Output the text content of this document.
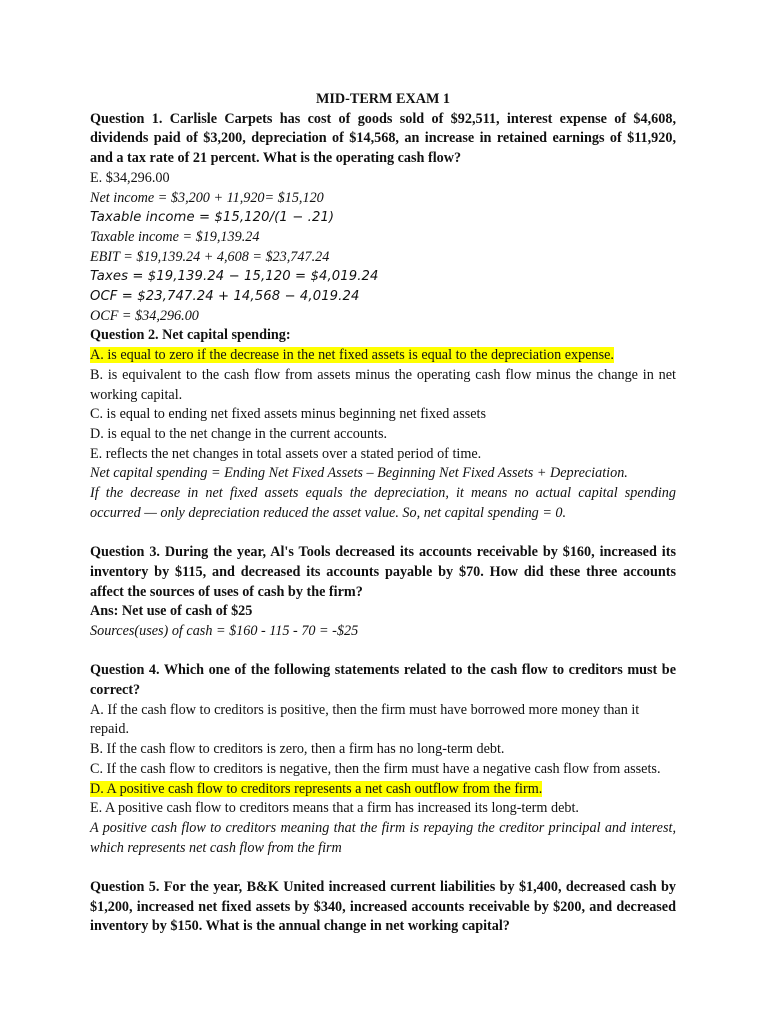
MID-TERM EXAM 1

Question 1. Carlisle Carpets has cost of goods sold of $92,511, interest expense of $4,608, dividends paid of $3,200, depreciation of $14,568, an increase in retained earnings of $11,920, and a tax rate of 21 percent. What is the operating cash flow?

E. $34,296.00

Net income = $3,200 + 11,920= $15,120

Taxable income = $15,120/(1 − .21)

Taxable income = $19,139.24

EBIT = $19,139.24 + 4,608 = $23,747.24

Taxes = $19,139.24 − 15,120 = $4,019.24

OCF = $23,747.24 + 14,568 − 4,019.24

OCF = $34,296.00

Question 2. Net capital spending:

A. is equal to zero if the decrease in the net fixed assets is equal to the depreciation expense.

B. is equivalent to the cash flow from assets minus the operating cash flow minus the change in net working capital.

C. is equal to ending net fixed assets minus beginning net fixed assets

D. is equal to the net change in the current accounts.

E. reflects the net changes in total assets over a stated period of time.

Net capital spending = Ending Net Fixed Assets – Beginning Net Fixed Assets + Depreciation.

If the decrease in net fixed assets equals the depreciation, it means no actual capital spending occurred — only depreciation reduced the asset value. So, net capital spending = 0.

Question 3. During the year, Al's Tools decreased its accounts receivable by $160, increased its inventory by $115, and decreased its accounts payable by $70. How did these three accounts affect the sources of uses of cash by the firm?

Ans: Net use of cash of $25

Sources(uses) of cash = $160 - 115 - 70 = -$25

Question 4. Which one of the following statements related to the cash flow to creditors must be correct?

A. If the cash flow to creditors is positive, then the firm must have borrowed more money than it repaid.

B. If the cash flow to creditors is zero, then a firm has no long-term debt.

C. If the cash flow to creditors is negative, then the firm must have a negative cash flow from assets.

D. A positive cash flow to creditors represents a net cash outflow from the firm.

E. A positive cash flow to creditors means that a firm has increased its long-term debt.

A positive cash flow to creditors meaning that the firm is repaying the creditor principal and interest, which represents net cash flow from the firm

Question 5. For the year, B&K United increased current liabilities by $1,400, decreased cash by $1,200, increased net fixed assets by $340, increased accounts receivable by $200, and decreased inventory by $150. What is the annual change in net working capital?
